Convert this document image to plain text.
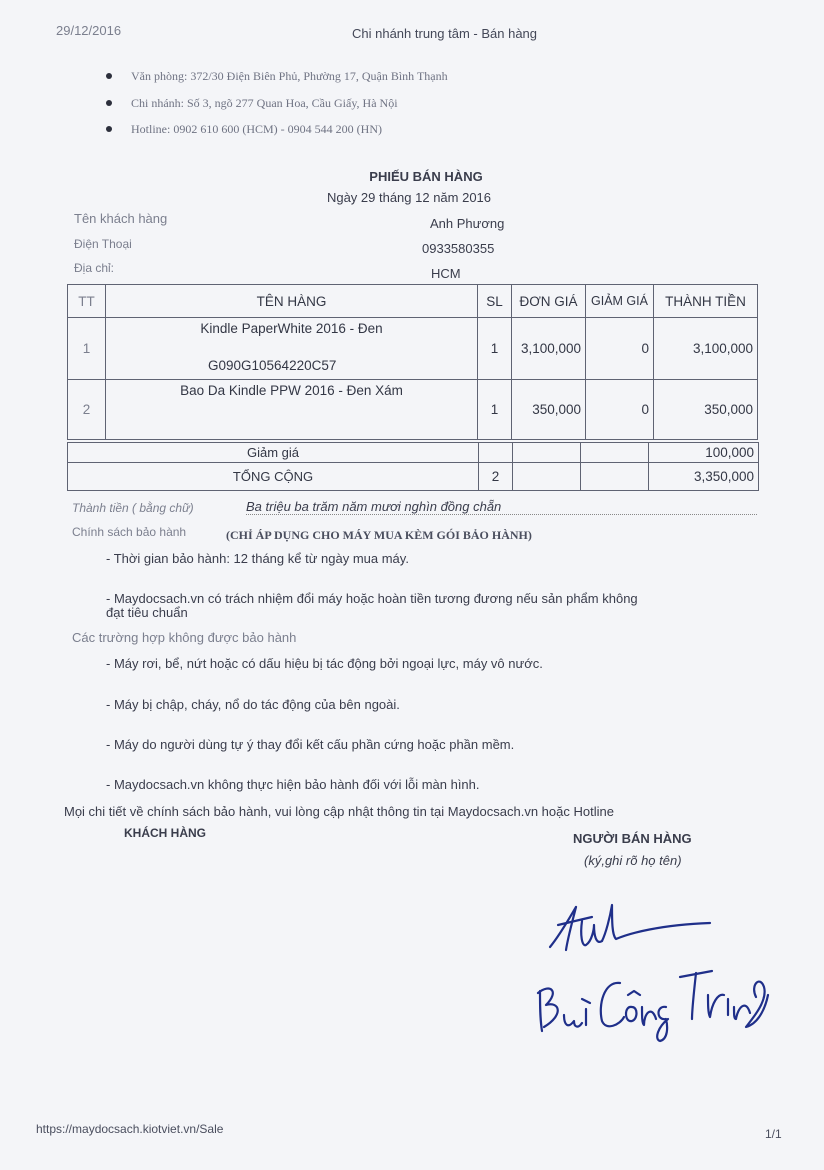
29/12/2016	Chi nhánh trung tâm - Bán hàng
Văn phòng: 372/30 Điện Biên Phủ, Phường 17, Quận Bình Thạnh
Chi nhánh: Số 3, ngõ 277 Quan Hoa, Cầu Giấy, Hà Nội
Hotline: 0902 610 600 (HCM) - 0904 544 200 (HN)
PHIẾU BÁN HÀNG
Ngày 29 tháng 12 năm 2016
Tên khách hàng	Anh Phương
Điện Thoại	0933580355
Địa chỉ:	HCM
TT	TÊN HÀNG	SL	ĐƠN GIÁ	GIẢM GIÁ	THÀNH TIỀN
1	Kindle PaperWhite 2016 - Đen
G090G10564220C57	1	3,100,000	0	3,100,000
2	Bao Da Kindle PPW 2016 - Đen Xám	1	350,000	0	350,000
Giảm giá				100,000
TỔNG CỘNG	2			3,350,000
Thành tiền ( bằng chữ)	Ba triệu ba trăm năm mươi nghìn đồng chẵn
Chính sách bảo hành	(CHỈ ÁP DỤNG CHO MÁY MUA KÈM GÓI BẢO HÀNH)
- Thời gian bảo hành: 12 tháng kể từ ngày mua máy.
- Maydocsach.vn có trách nhiệm đổi máy hoặc hoàn tiền tương đương nếu sản phẩm không
đạt tiêu chuẩn
Các trường hợp không được bảo hành
- Máy rơi, bể, nứt hoặc có dấu hiệu bị tác động bởi ngoại lực, máy vô nước.
- Máy bị chập, cháy, nổ do tác động của bên ngoài.
- Máy do người dùng tự ý thay đổi kết cấu phần cứng hoặc phần mềm.
- Maydocsach.vn không thực hiện bảo hành đối với lỗi màn hình.
Mọi chi tiết về chính sách bảo hành, vui lòng cập nhật thông tin tại Maydocsach.vn hoặc Hotline
KHÁCH HÀNG	NGƯỜI BÁN HÀNG
(ký,ghi rõ họ tên)
https://maydocsach.kiotviet.vn/Sale	1/1
